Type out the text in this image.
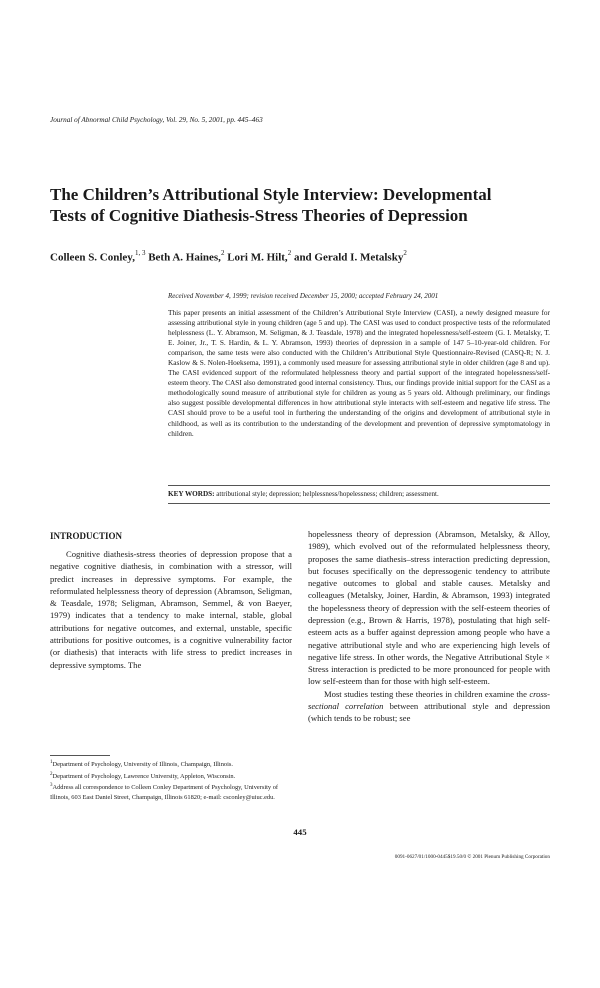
Journal of Abnormal Child Psychology, Vol. 29, No. 5, 2001, pp. 445–463
The Children’s Attributional Style Interview: Developmental
Tests of Cognitive Diathesis-Stress Theories of Depression
Colleen S. Conley,$^{1, 3}$ Beth A. Haines,$^2$ Lori M. Hilt,$^2$ and Gerald I. Metalsky$^2$
Received November 4, 1999; revision received December 15, 2000; accepted February 24, 2001
This paper presents an initial assessment of the Children’s Attributional Style Interview (CASI), a newly designed measure for assessing attributional style in young children (age 5 and up). The CASI was used to conduct prospective tests of the reformulated helplessness (L. Y. Abramson, M. Seligman, & J. Teasdale, 1978) and the integrated hopelessness/self-esteem (G. I. Metalsky, T. E. Joiner, Jr., T. S. Hardin, & L. Y. Abramson, 1993) theories of depression in a sample of 147 5–10-year-old children. For comparison, the same tests were also conducted with the Children’s Attributional Style Questionnaire-Revised (CASQ-R; N. J. Kaslow & S. Nolen-Hoeksema, 1991), a commonly used measure for assessing attributional style in older children (age 8 and up). The CASI evidenced support of the reformulated helplessness theory and partial support of the integrated hopelessness/self-esteem theory. The CASI also demonstrated good internal consistency. Thus, our findings provide initial support for the CASI as a methodologically sound measure of attributional style for children as young as 5 years old. Although preliminary, our findings also suggest possible developmental differences in how attributional style interacts with self-esteem and negative life stress. The CASI should prove to be a useful tool in furthering the understanding of the origins and development of attributional style in childhood, as well as its contribution to the understanding of the development and prevention of depressive symptomatology in children.
KEY WORDS: attributional style; depression; helplessness/hopelessness; children; assessment.
INTRODUCTION

Cognitive diathesis-stress theories of depression propose that a negative cognitive diathesis, in combination with a stressor, will predict increases in depressive symptoms. For example, the reformulated helplessness theory of depression (Abramson, Seligman, & Teasdale, 1978; Seligman, Abramson, Semmel, & von Baeyer, 1979) indicates that a tendency to make internal, stable, global attributions for negative outcomes, and external, unstable, specific attributions for positive outcomes, is a cognitive vulnerability factor (or diathesis) that interacts with life stress to predict increases in depressive symptoms. The

hopelessness theory of depression (Abramson, Metalsky, & Alloy, 1989), which evolved out of the reformulated helplessness theory, proposes the same diathesis–stress interaction predicting depression, but focuses specifically on the depressogenic tendency to attribute negative outcomes to global and stable causes. Metalsky and colleagues (Metalsky, Joiner, Hardin, & Abramson, 1993) integrated the hopelessness theory of depression with the self-esteem theories of depression (e.g., Brown & Harris, 1978), postulating that high self-esteem acts as a buffer against depression among people who have a negative attributional style and who are experiencing high levels of negative life stress. In other words, the Negative Attributional Style × Stress interaction is predicted to be more pronounced for people with low self-esteem than for those with high self-esteem.

Most studies testing these theories in children examine the cross-sectional correlation between attributional style and depression (which tends to be robust; see

$^1$Department of Psychology, University of Illinois, Champaign, Illinois.
$^2$Department of Psychology, Lawrence University, Appleton, Wisconsin.
$^3$Address all correspondence to Colleen Conley Department of Psychology, University of Illinois, 603 East Daniel Street, Champaign, Illinois 61820; e-mail: csconley@uiuc.edu.
445
0091-0627/01/1000-0445$19.50/0 © 2001 Plenum Publishing Corporation
